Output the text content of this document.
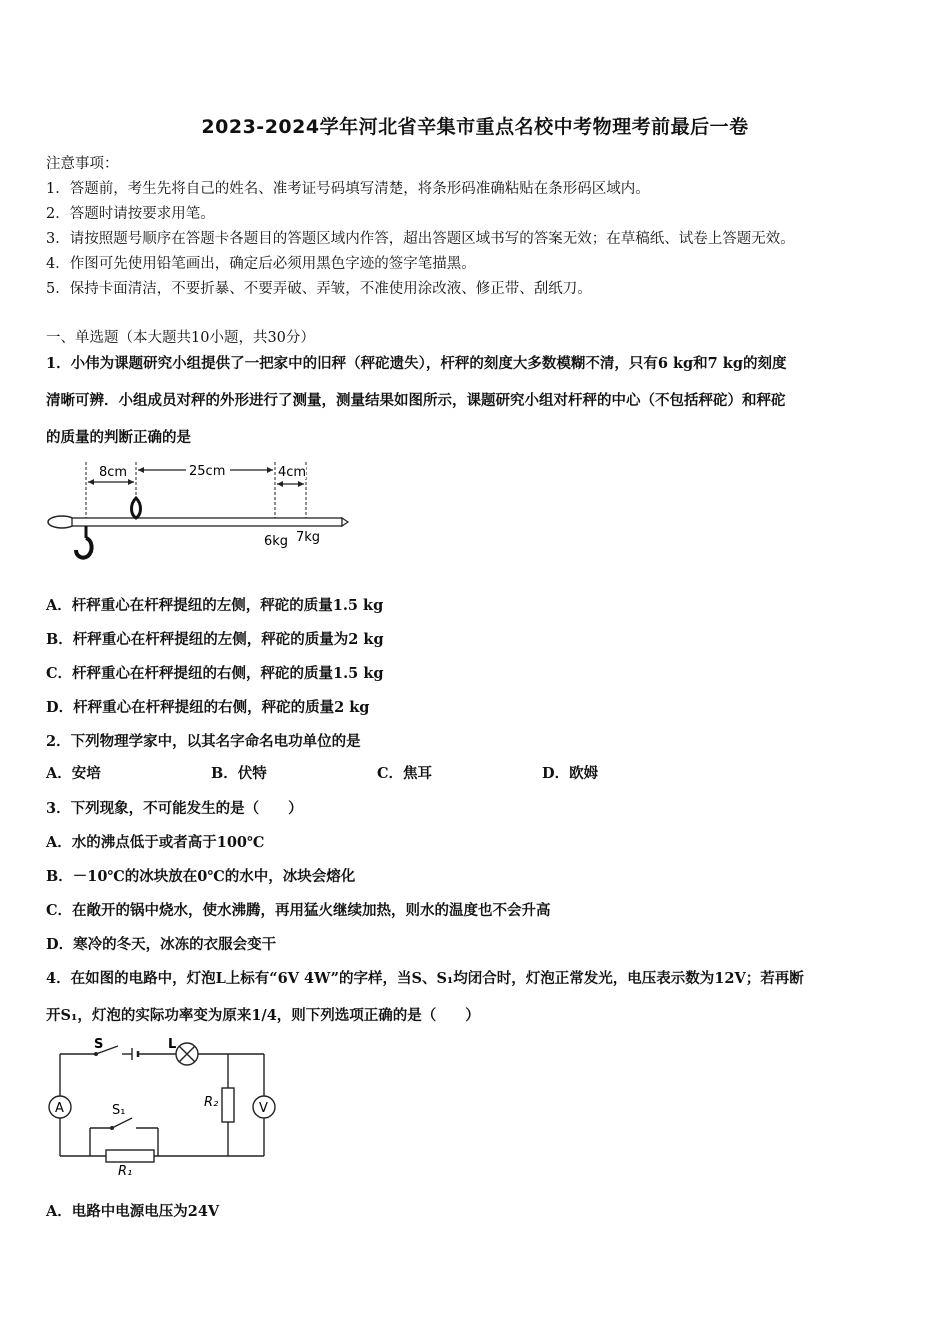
2023-2024学年河北省辛集市重点名校中考物理考前最后一卷
注意事项：
1．答题前，考生先将自己的姓名、准考证号码填写清楚，将条形码准确粘贴在条形码区域内。
2．答题时请按要求用笔。
3．请按照题号顺序在答题卡各题目的答题区域内作答，超出答题区域书写的答案无效；在草稿纸、试卷上答题无效。
4．作图可先使用铅笔画出，确定后必须用黑色字迹的签字笔描黑。
5．保持卡面清洁，不要折暴、不要弄破、弄皱，不准使用涂改液、修正带、刮纸刀。
一、单选题（本大题共10小题，共30分）
1．小伟为课题研究小组提供了一把家中的旧秤（秤砣遗失），杆秤的刻度大多数模糊不清，只有6 kg和7 kg的刻度
清晰可辨．小组成员对秤的外形进行了测量，测量结果如图所示，课题研究小组对杆秤的中心（不包括秤砣）和秤砣
的质量的判断正确的是
8cm	25cm	4cm
6kg 7kg
A．杆秤重心在杆秤提纽的左侧，秤砣的质量1.5 kg
B．杆秤重心在杆秤提纽的左侧，秤砣的质量为2 kg
C．杆秤重心在杆秤提纽的右侧，秤砣的质量1.5 kg
D．杆秤重心在杆秤提纽的右侧，秤砣的质量2 kg
2．下列物理学家中，以其名字命名电功单位的是
A．安培	B．伏特	C．焦耳	D．欧姆
3．下列现象，不可能发生的是（　　）
A．水的沸点低于或者高于100℃
B．－10℃的冰块放在0℃的水中，冰块会熔化
C．在敞开的锅中烧水，使水沸腾，再用猛火继续加热，则水的温度也不会升高
D．寒冷的冬天，冰冻的衣服会变干
4．在如图的电路中，灯泡L上标有“6V 4W”的字样，当S、S₁均闭合时，灯泡正常发光，电压表示数为12V；若再断
开S₁，灯泡的实际功率变为原来1/4，则下列选项正确的是（　　）
A	V
S	L
S₁
R₁
R₂
A．电路中电源电压为24V
